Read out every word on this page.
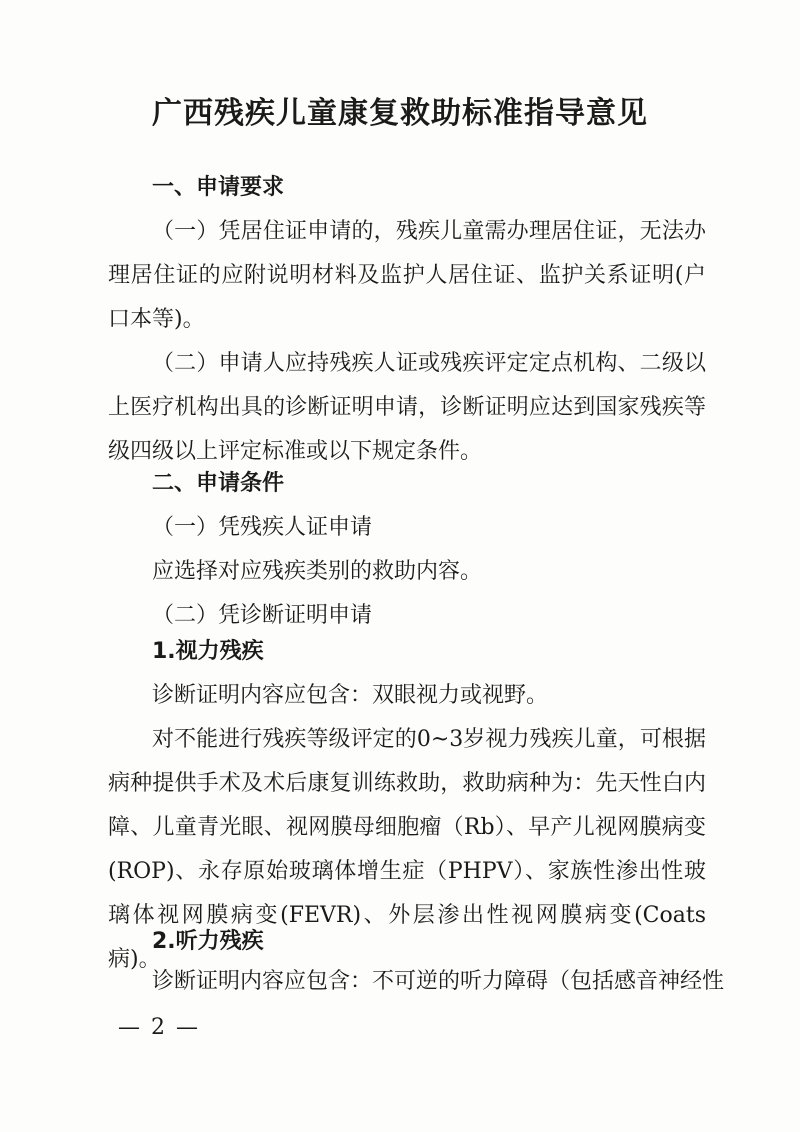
广西残疾儿童康复救助标准指导意见
一、申请要求

（一）凭居住证申请的，残疾儿童需办理居住证，无法办理居住证的应附说明材料及监护人居住证、监护关系证明(户口本等)。

（二）申请人应持残疾人证或残疾评定定点机构、二级以上医疗机构出具的诊断证明申请，诊断证明应达到国家残疾等级四级以上评定标准或以下规定条件。

二、申请条件
（一）凭残疾人证申请
应选择对应残疾类别的救助内容。
（二）凭诊断证明申请
1.视力残疾
诊断证明内容应包含：双眼视力或视野。

对不能进行残疾等级评定的0~3岁视力残疾儿童，可根据病种提供手术及术后康复训练救助，救助病种为：先天性白内障、儿童青光眼、视网膜母细胞瘤（Rb）、早产儿视网膜病变(ROP)、永存原始玻璃体增生症（PHPV）、家族性渗出性玻璃体视网膜病变(FEVR)、外层渗出性视网膜病变(Coats病)。

2.听力残疾
诊断证明内容应包含：不可逆的听力障碍（包括感音神经性
— 2 —
